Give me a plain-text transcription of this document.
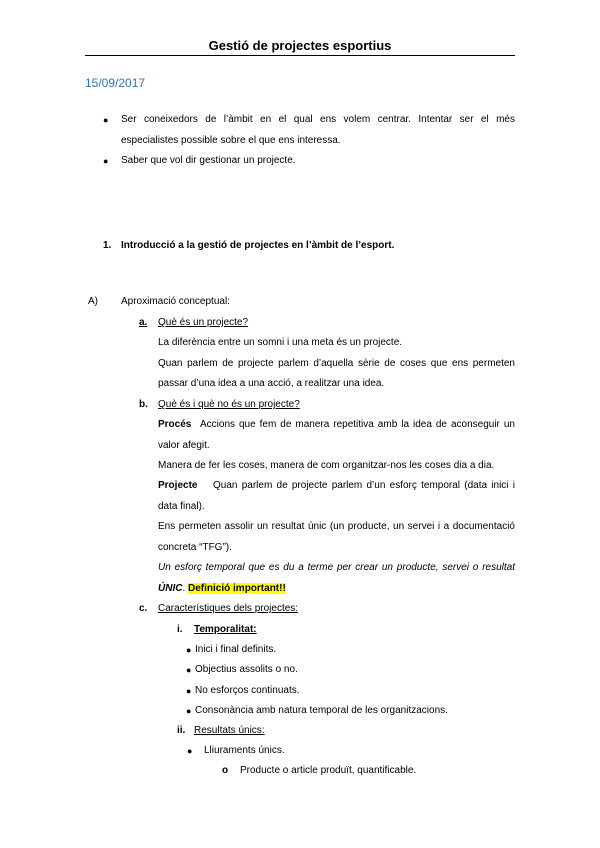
Gestió de projectes esportius
15/09/2017
● Ser coneixedors de l’àmbit en el qual ens volem centrar. Intentar ser el més
especialistes possible sobre el que ens interessa.
● Saber que vol dir gestionar un projecte.
1. Introducció a la gestió de projectes en l’àmbit de l’esport.
A) Aproximació conceptual:
a. Què és un projecte?
La diferència entre un somni i una meta és un projecte.
Quan parlem de projecte parlem d’aquella sèrie de coses que ens permeten
passar d’una idea a una acció, a realitzar una idea.
b. Què és i què no és un projecte?
Procés Accions que fem de manera repetitiva amb la idea de aconseguir un
valor afegit.
Manera de fer les coses, manera de com organitzar-nos les coses dia a dia.
Projecte Quan parlem de projecte parlem d’un esforç temporal (data inici i
data final).
Ens permeten assolir un resultat únic (un producte, un servei i a documentació
concreta “TFG”).
Un esforç temporal que es du a terme per crear un producte, servei o resultat
ÚNIC. Definició important!!
c. Característiques dels projectes:
i. Temporalitat:
● Inici i final definits.
● Objectius assolits o no.
● No esforços continuats.
● Consonància amb natura temporal de les organitzacions.
ii. Resultats únics:
● Lliuraments únics.
o Producte o article produït, quantificable.
